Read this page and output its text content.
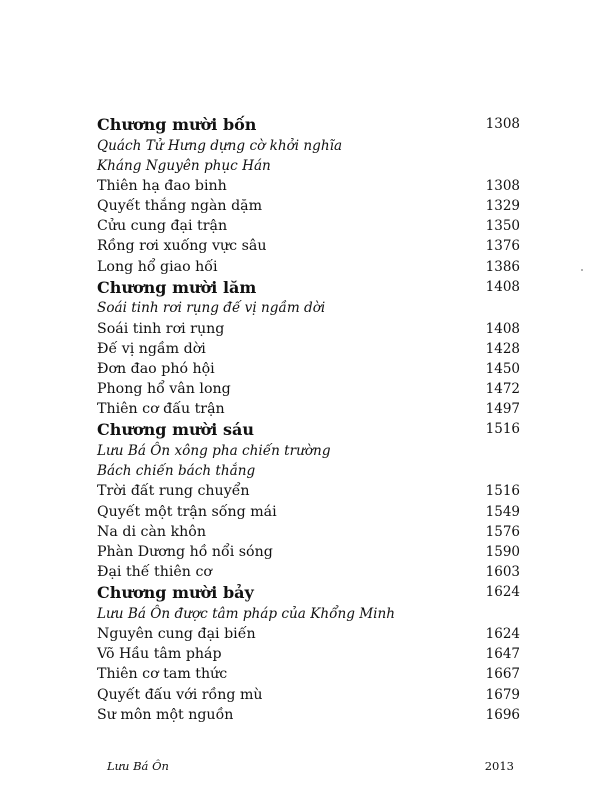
Chương mười bốn	1308
Quách Tử Hưng dựng cờ khởi nghĩa
Kháng Nguyên phục Hán
Thiên hạ đao binh	1308
Quyết thắng ngàn dặm	1329
Cửu cung đại trận	1350
Rồng rơi xuống vực sâu	1376
Long hổ giao hối	1386
Chương mười lăm	1408
Soái tinh rơi rụng đế vị ngầm dời
Soái tinh rơi rụng	1408
Đế vị ngầm dời	1428
Đơn đao phó hội	1450
Phong hổ vân long	1472
Thiên cơ đấu trận	1497
Chương mười sáu	1516
Lưu Bá Ôn xông pha chiến trường
Bách chiến bách thắng
Trời đất rung chuyển	1516
Quyết một trận sống mái	1549
Na di càn khôn	1576
Phàn Dương hồ nổi sóng	1590
Đại thế thiên cơ	1603
Chương mười bảy	1624
Lưu Bá Ôn được tâm pháp của Khổng Minh
Nguyên cung đại biến	1624
Võ Hầu tâm pháp	1647
Thiên cơ tam thức	1667
Quyết đấu với rồng mù	1679
Sư môn một nguồn	1696
Lưu Bá Ôn	2013
